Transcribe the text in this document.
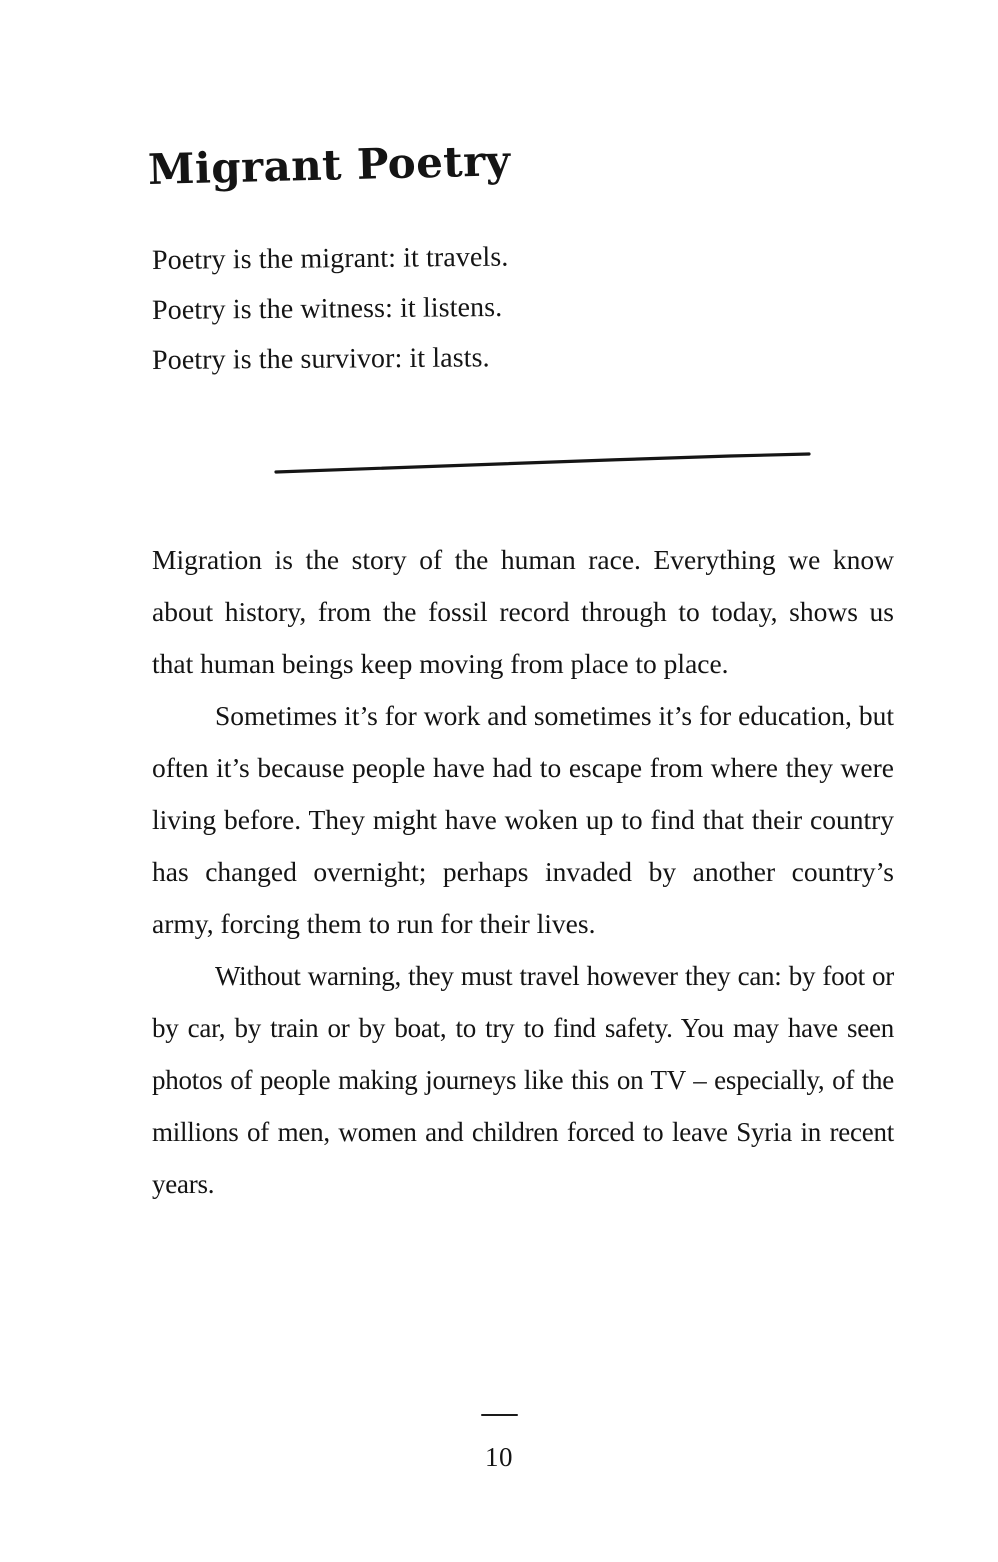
Migrant Poetry
Poetry is the migrant: it travels.
Poetry is the witness: it listens.
Poetry is the survivor: it lasts.

Migration is the story of the human race. Everything we know about history, from the fossil record through to today, shows us that human beings keep moving from place to place.

Sometimes it’s for work and sometimes it’s for education, but often it’s because people have had to escape from where they were living before. They might have woken up to find that their country has changed overnight; perhaps invaded by another country’s army, forcing them to run for their lives.

Without warning, they must travel however they can: by foot or by car, by train or by boat, to try to find safety. You may have seen photos of people making journeys like this on TV – especially, of the millions of men, women and children forced to leave Syria in recent years.

10
